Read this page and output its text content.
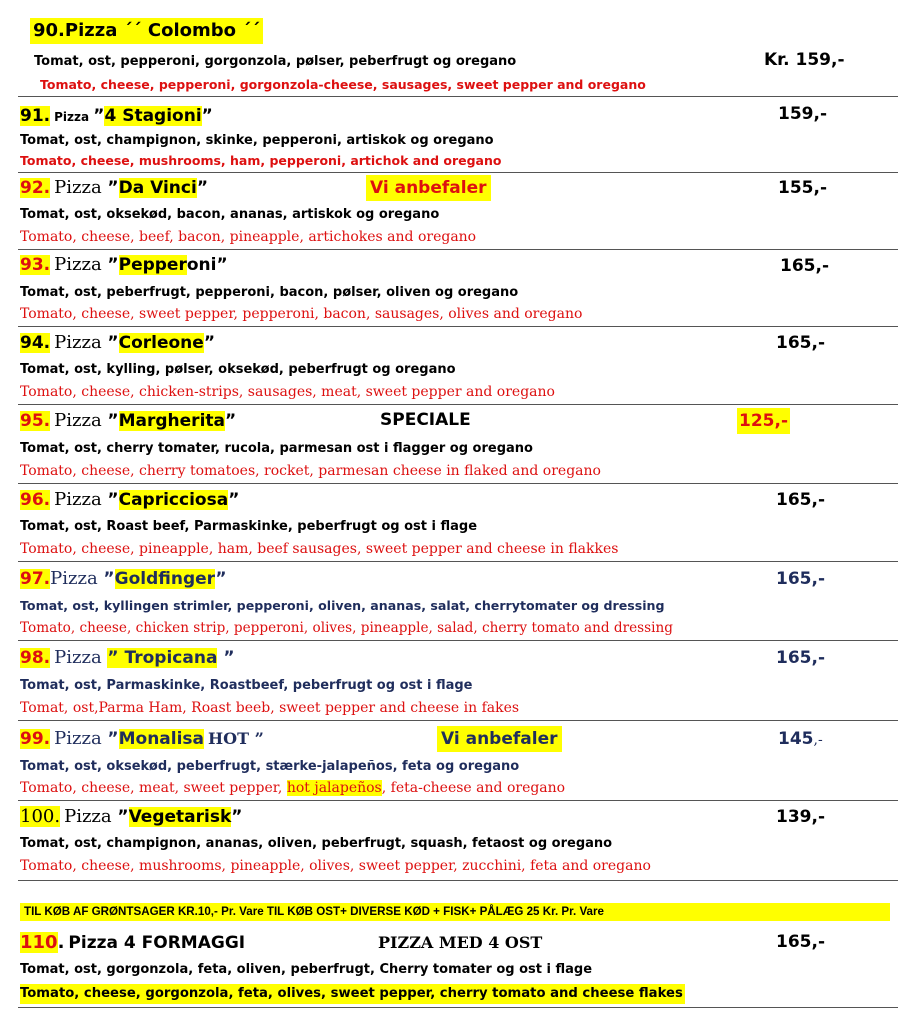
90.Pizza ´´ Colombo ´´
Tomat, ost, pepperoni, gorgonzola, pølser, peberfrugt og oregano	Kr. 159,-
Tomato, cheese, pepperoni, gorgonzola-cheese, sausages, sweet pepper and oregano
91. Pizza ”4 Stagioni”	159,-
Tomat, ost, champignon, skinke, pepperoni, artiskok og oregano
Tomato, cheese, mushrooms, ham, pepperoni, artichok and oregano
92. Pizza ”Da Vinci”	Vi anbefaler	155,-
Tomat, ost, oksekød, bacon, ananas, artiskok og oregano
Tomato, cheese, beef, bacon, pineapple, artichokes and oregano
93. Pizza ”Pepperoni”	165,-
Tomat, ost, peberfrugt, pepperoni, bacon, pølser, oliven og oregano
Tomato, cheese, sweet pepper, pepperoni, bacon, sausages, olives and oregano
94. Pizza ”Corleone”	165,-
Tomat, ost, kylling, pølser, oksekød, peberfrugt og oregano
Tomato, cheese, chicken-strips, sausages, meat, sweet pepper and oregano
95. Pizza ”Margherita”	SPECIALE	125,-
Tomat, ost, cherry tomater, rucola, parmesan ost i flagger og oregano
Tomato, cheese, cherry tomatoes, rocket, parmesan cheese in flaked and oregano
96. Pizza ”Capricciosa”	165,-
Tomat, ost, Roast beef, Parmaskinke, peberfrugt og ost i flage
Tomato, cheese, pineapple, ham, beef sausages, sweet pepper and cheese in flakkes
97.Pizza ”Goldfinger”	165,-
Tomat, ost, kyllingen strimler, pepperoni, oliven, ananas, salat, cherrytomater og dressing
Tomato, cheese, chicken strip, pepperoni, olives, pineapple, salad, cherry tomato and dressing
98. Pizza ” Tropicana ”	165,-
Tomat, ost, Parmaskinke, Roastbeef, peberfrugt og ost i flage
Tomat, ost,Parma Ham, Roast beeb, sweet pepper and cheese in fakes
99. Pizza ”Monalisa HOT ”	Vi anbefaler	145,-
Tomat, ost, oksekød, peberfrugt, stærke-jalapeños, feta og oregano
Tomato, cheese, meat, sweet pepper, hot jalapeños, feta-cheese and oregano
100. Pizza ”Vegetarisk”	139,-
Tomat, ost, champignon, ananas, oliven, peberfrugt, squash, fetaost og oregano
Tomato, cheese, mushrooms, pineapple, olives, sweet pepper, zucchini, feta and oregano
TIL KØB AF GRØNTSAGER KR.10,- Pr. Vare TIL KØB OST+ DIVERSE KØD + FISK+ PÅLÆG 25 Kr. Pr. Vare
110. Pizza 4 FORMAGGI	PIZZA MED 4 OST	165,-
Tomat, ost, gorgonzola, feta, oliven, peberfrugt, Cherry tomater og ost i flage
Tomato, cheese, gorgonzola, feta, olives, sweet pepper, cherry tomato and cheese flakes
